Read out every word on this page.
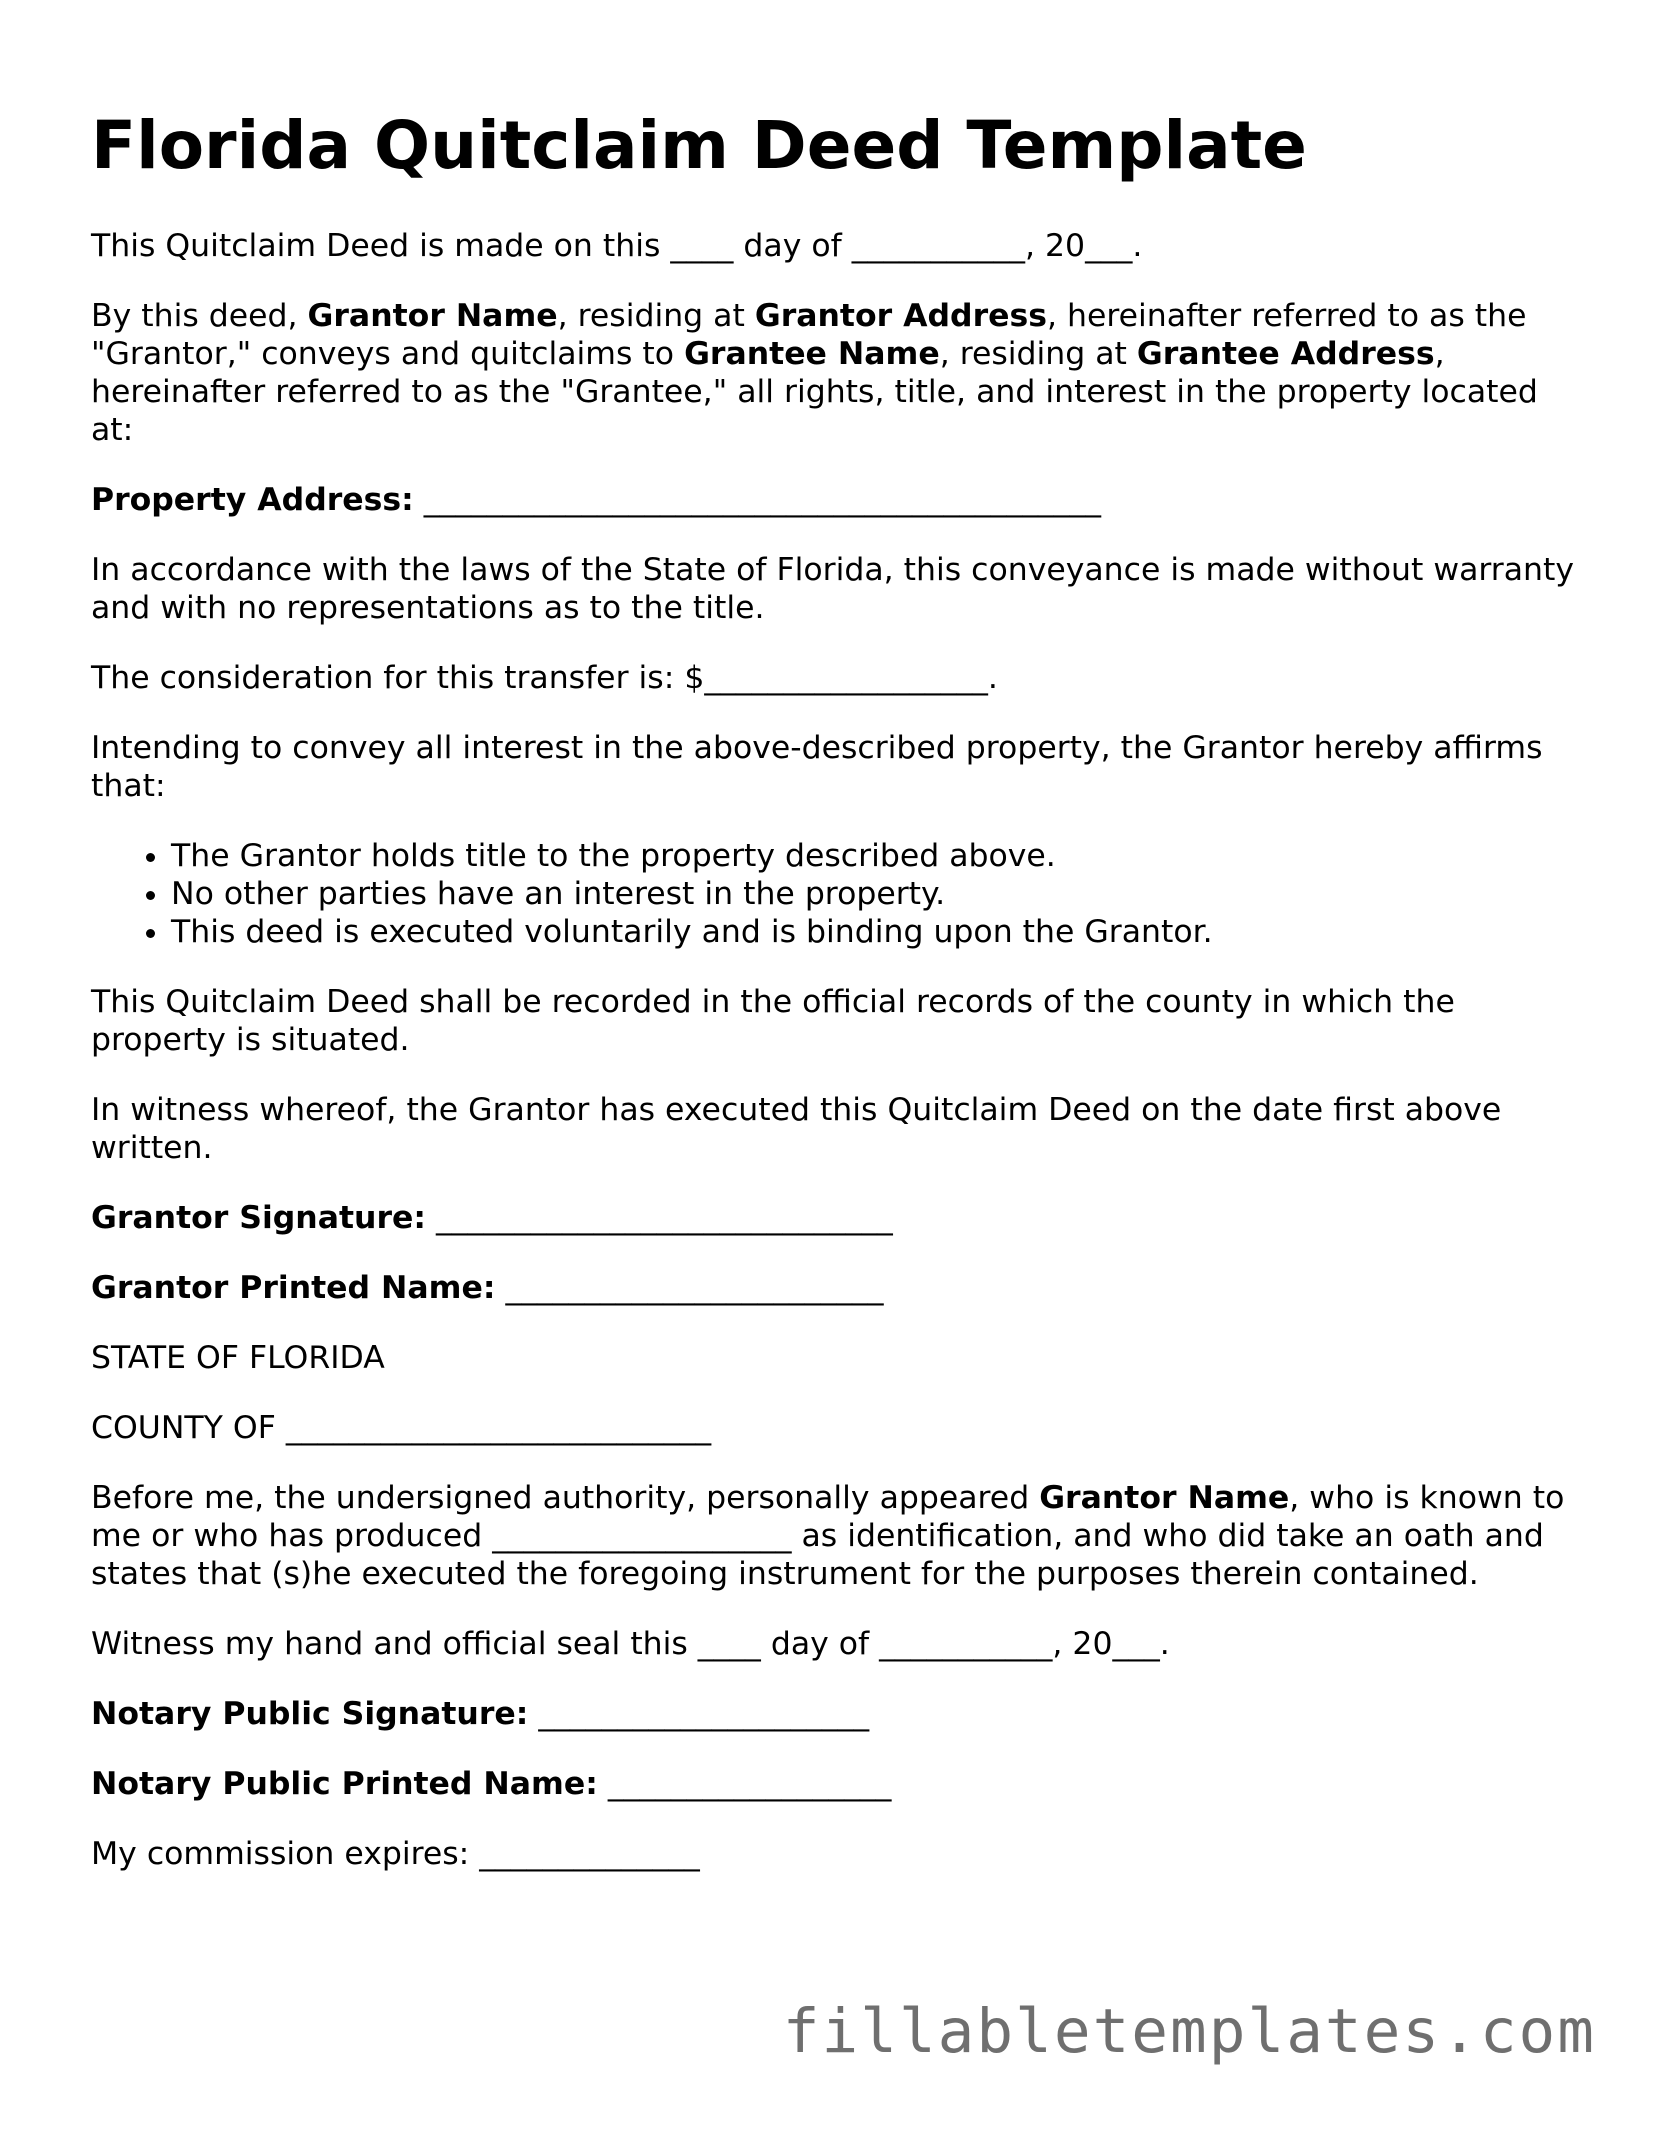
Florida Quitclaim Deed Template

This Quitclaim Deed is made on this ____ day of ___________, 20___.

By this deed, Grantor Name, residing at Grantor Address, hereinafter referred to as the "Grantor," conveys and quitclaims to Grantee Name, residing at Grantee Address, hereinafter referred to as the "Grantee," all rights, title, and interest in the property located at:

Property Address: ___________________________________________

In accordance with the laws of the State of Florida, this conveyance is made without warranty and with no representations as to the title.

The consideration for this transfer is: $__________________.

Intending to convey all interest in the above-described property, the Grantor hereby affirms that:

• The Grantor holds title to the property described above.
• No other parties have an interest in the property.
• This deed is executed voluntarily and is binding upon the Grantor.

This Quitclaim Deed shall be recorded in the official records of the county in which the property is situated.

In witness whereof, the Grantor has executed this Quitclaim Deed on the date first above written.

Grantor Signature: _____________________________

Grantor Printed Name: ________________________

STATE OF FLORIDA

COUNTY OF ___________________________

Before me, the undersigned authority, personally appeared Grantor Name, who is known to me or who has produced ___________________ as identification, and who did take an oath and states that (s)he executed the foregoing instrument for the purposes therein contained.

Witness my hand and official seal this ____ day of ___________, 20___.

Notary Public Signature: _____________________

Notary Public Printed Name: __________________

My commission expires: ______________

fillabletemplates.com
